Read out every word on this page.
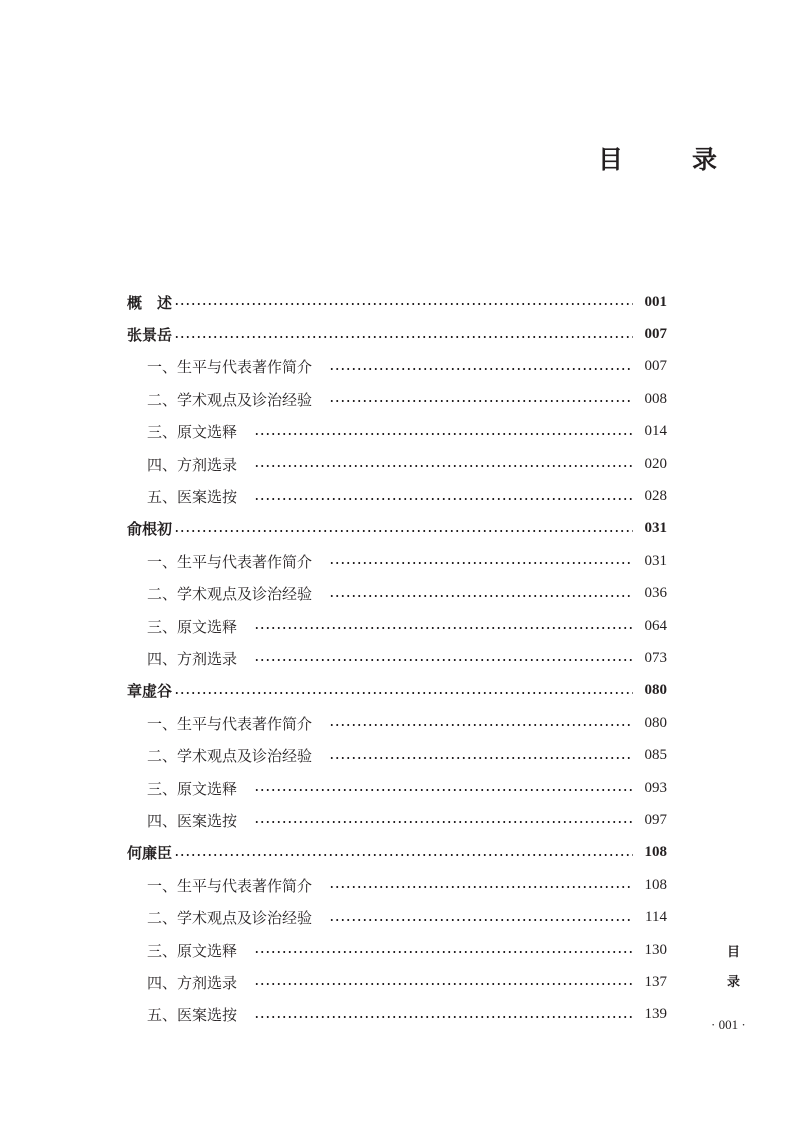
目　录
概　述	001
张景岳	007
一、生平与代表著作简介	007
二、学术观点及诊治经验	008
三、原文选释	014
四、方剂选录	020
五、医案选按	028
俞根初	031
一、生平与代表著作简介	031
二、学术观点及诊治经验	036
三、原文选释	064
四、方剂选录	073
章虚谷	080
一、生平与代表著作简介	080
二、学术观点及诊治经验	085
三、原文选释	093
四、医案选按	097
何廉臣	108
一、生平与代表著作简介	108
二、学术观点及诊治经验	114
三、原文选释	130
四、方剂选录	137
五、医案选按	139
目
录
· 001 ·
